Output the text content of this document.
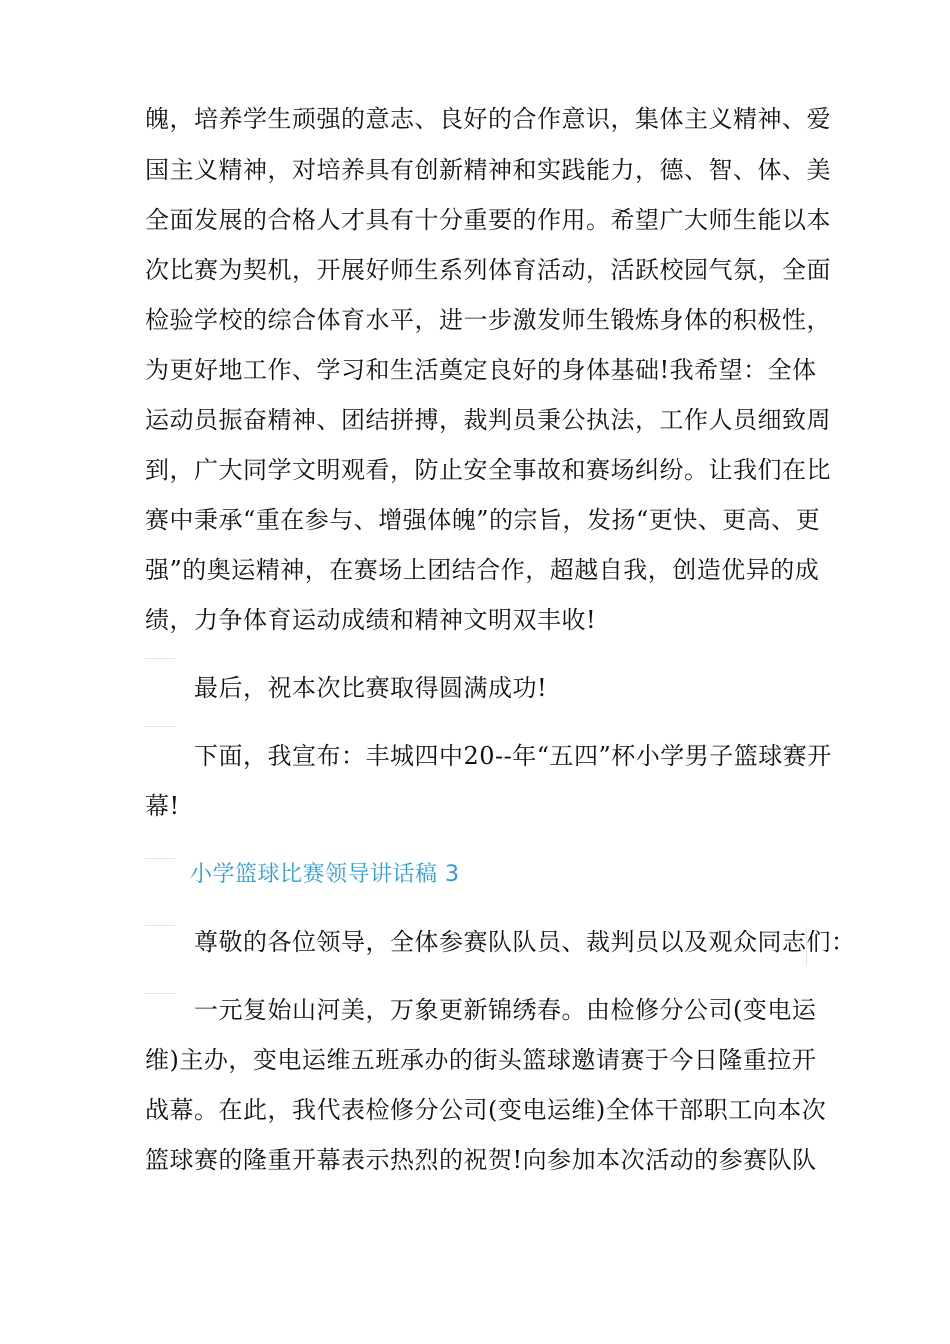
魄，培养学生顽强的意志、良好的合作意识，集体主义精神、爱
国主义精神，对培养具有创新精神和实践能力，德、智、体、美
全面发展的合格人才具有十分重要的作用。希望广大师生能以本
次比赛为契机，开展好师生系列体育活动，活跃校园气氛，全面
检验学校的综合体育水平，进一步激发师生锻炼身体的积极性，
为更好地工作、学习和生活奠定良好的身体基础!我希望：全体
运动员振奋精神、团结拼搏，裁判员秉公执法，工作人员细致周
到，广大同学文明观看，防止安全事故和赛场纠纷。让我们在比
赛中秉承“重在参与、增强体魄”的宗旨，发扬“更快、更高、更
强”的奥运精神，在赛场上团结合作，超越自我，创造优异的成
绩，力争体育运动成绩和精神文明双丰收!
　　最后，祝本次比赛取得圆满成功!
　　下面，我宣布：丰城四中20--年“五四”杯小学男子篮球赛开
幕!
　　小学篮球比赛领导讲话稿 3
　　尊敬的各位领导，全体参赛队队员、裁判员以及观众同志们：
　　一元复始山河美，万象更新锦绣春。由检修分公司(变电运
维)主办，变电运维五班承办的街头篮球邀请赛于今日隆重拉开
战幕。在此，我代表检修分公司(变电运维)全体干部职工向本次
篮球赛的隆重开幕表示热烈的祝贺!向参加本次活动的参赛队队
